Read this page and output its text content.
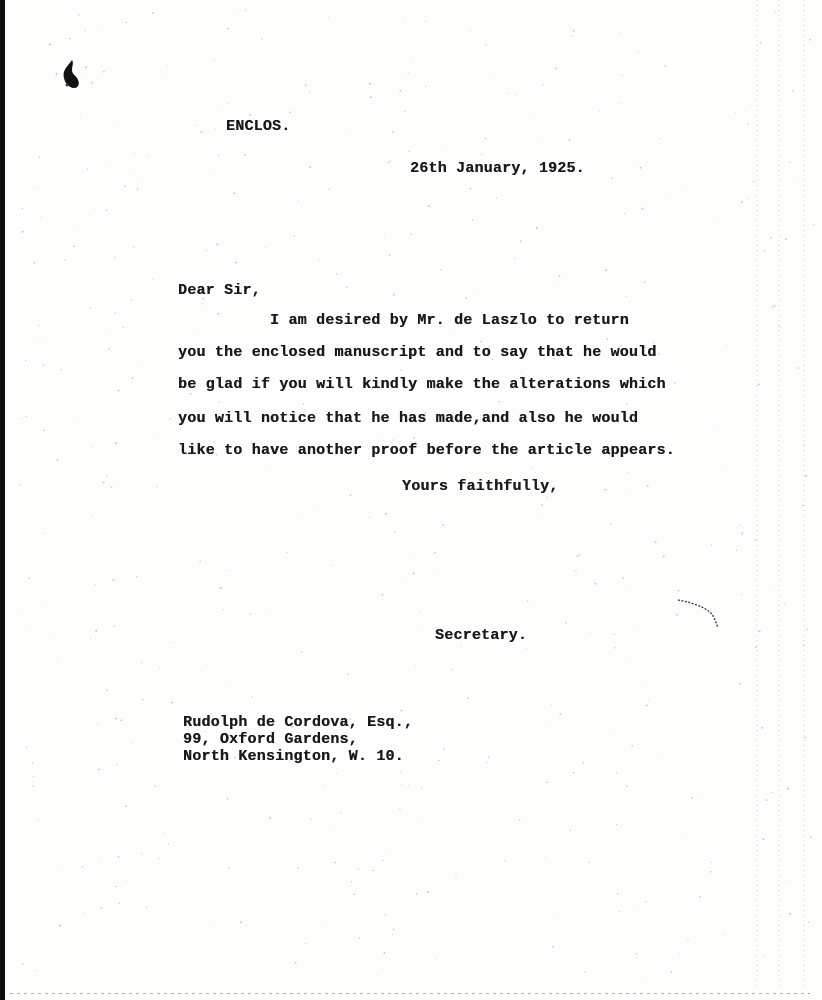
ENCLOS.
26th January, 1925.
Dear Sir,
I am desired by Mr. de Laszlo to return
you the enclosed manuscript and to say that he would
be glad if you will kindly make the alterations which
you will notice that he has made,and also he would
like to have another proof before the article appears.
Yours faithfully,
Secretary.
Rudolph de Cordova, Esq.,
99, Oxford Gardens,
North Kensington, W. 10.
